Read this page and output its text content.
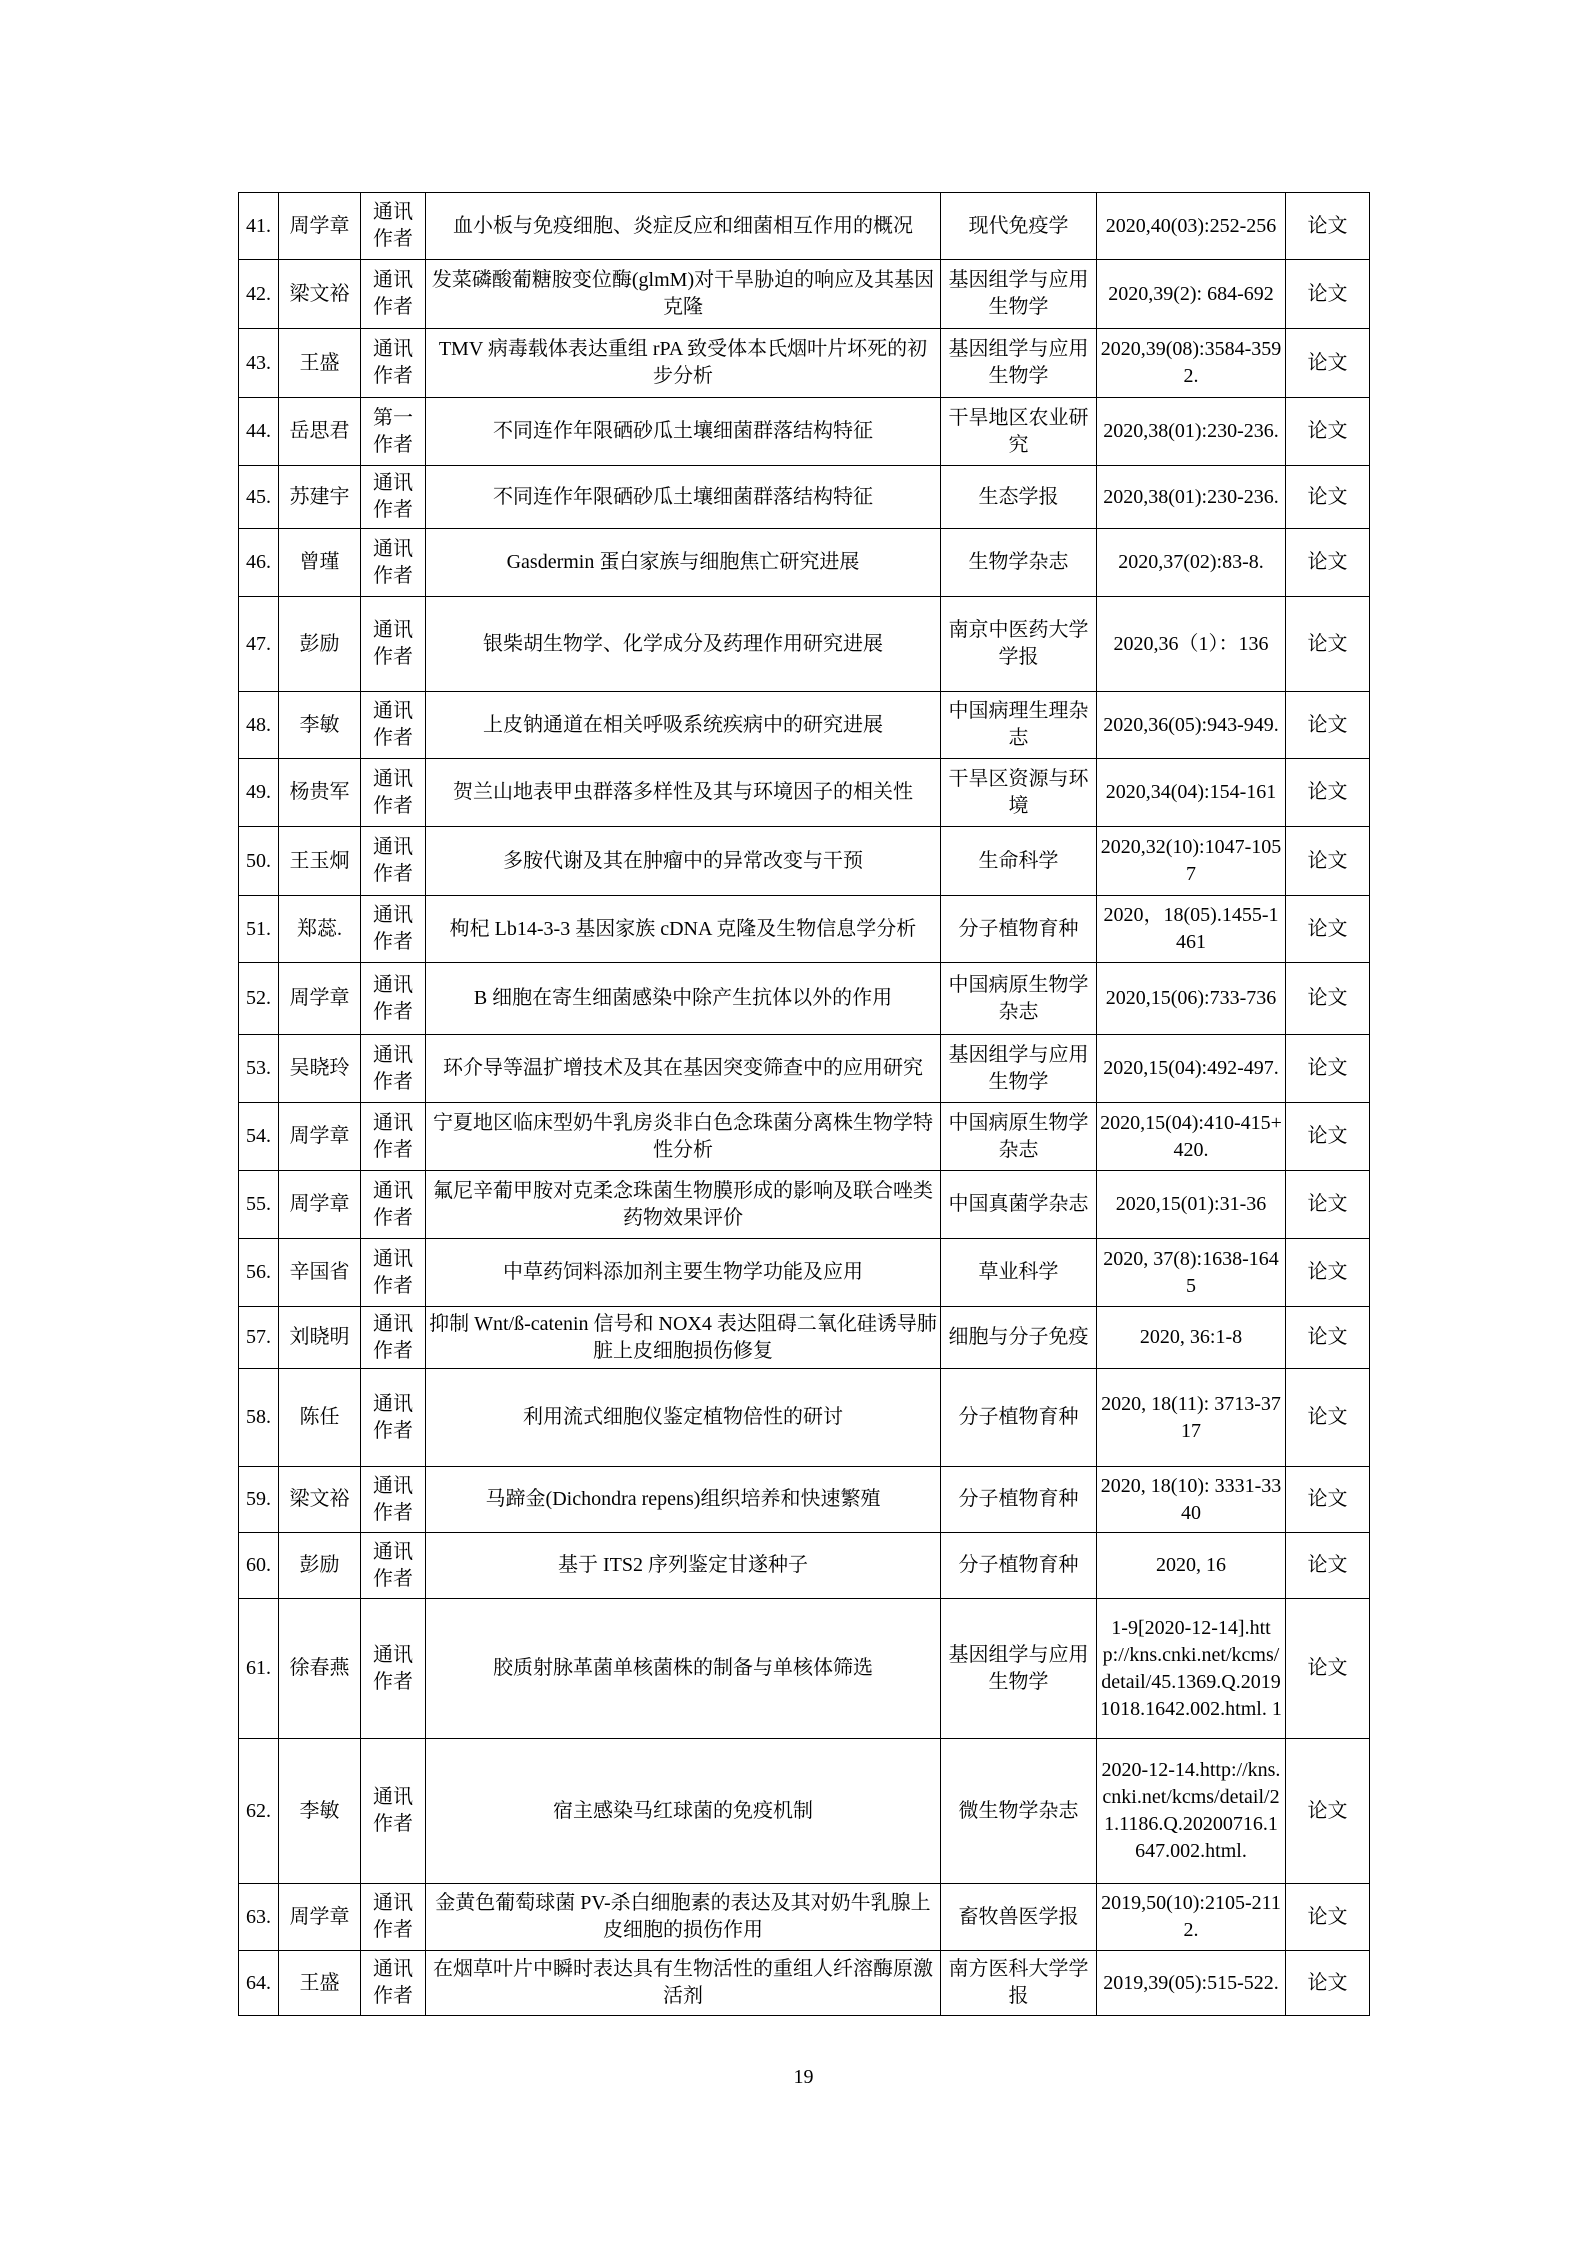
41.	周学章	通讯作者	血小板与免疫细胞、炎症反应和细菌相互作用的概况	现代免疫学	2020,40(03):252-256	论文
42.	梁文裕	通讯作者	发菜磷酸葡糖胺变位酶(glmM)对干旱胁迫的响应及其基因克隆	基因组学与应用生物学	2020,39(2): 684-692	论文
43.	王盛	通讯作者	TMV 病毒载体表达重组 rPA 致受体本氏烟叶片坏死的初步分析	基因组学与应用生物学	2020,39(08):3584-3592.	论文
44.	岳思君	第一作者	不同连作年限硒砂瓜土壤细菌群落结构特征	干旱地区农业研究	2020,38(01):230-236.	论文
45.	苏建宇	通讯作者	不同连作年限硒砂瓜土壤细菌群落结构特征	生态学报	2020,38(01):230-236.	论文
46.	曾瑾	通讯作者	Gasdermin 蛋白家族与细胞焦亡研究进展	生物学杂志	2020,37(02):83-8.	论文
47.	彭励	通讯作者	银柴胡生物学、化学成分及药理作用研究进展	南京中医药大学学报	2020,36（1）：136	论文
48.	李敏	通讯作者	上皮钠通道在相关呼吸系统疾病中的研究进展	中国病理生理杂志	2020,36(05):943-949.	论文
49.	杨贵军	通讯作者	贺兰山地表甲虫群落多样性及其与环境因子的相关性	干旱区资源与环境	2020,34(04):154-161	论文
50.	王玉炯	通讯作者	多胺代谢及其在肿瘤中的异常改变与干预	生命科学	2020,32(10):1047-1057	论文
51.	郑蕊.	通讯作者	枸杞 Lb14-3-3 基因家族 cDNA 克隆及生物信息学分析	分子植物育种	2020，18(05).1455-1461	论文
52.	周学章	通讯作者	B 细胞在寄生细菌感染中除产生抗体以外的作用	中国病原生物学杂志	2020,15(06):733-736	论文
53.	吴晓玲	通讯作者	环介导等温扩增技术及其在基因突变筛查中的应用研究	基因组学与应用生物学	2020,15(04):492-497.	论文
54.	周学章	通讯作者	宁夏地区临床型奶牛乳房炎非白色念珠菌分离株生物学特性分析	中国病原生物学杂志	2020,15(04):410-415+420.	论文
55.	周学章	通讯作者	氟尼辛葡甲胺对克柔念珠菌生物膜形成的影响及联合唑类药物效果评价	中国真菌学杂志	2020,15(01):31-36	论文
56.	辛国省	通讯作者	中草药饲料添加剂主要生物学功能及应用	草业科学	2020, 37(8):1638-1645	论文
57.	刘晓明	通讯作者	抑制 Wnt/ß-catenin 信号和 NOX4 表达阻碍二氧化硅诱导肺脏上皮细胞损伤修复	细胞与分子免疫	2020, 36:1-8	论文
58.	陈任	通讯作者	利用流式细胞仪鉴定植物倍性的研讨	分子植物育种	2020, 18(11): 3713-3717	论文
59.	梁文裕	通讯作者	马蹄金(Dichondra repens)组织培养和快速繁殖	分子植物育种	2020, 18(10): 3331-3340	论文
60.	彭励	通讯作者	基于 ITS2 序列鉴定甘遂种子	分子植物育种	2020, 16	论文
61.	徐春燕	通讯作者	胶质射脉革菌单核菌株的制备与单核体筛选	基因组学与应用生物学	1-9[2020-12-14].http://kns.cnki.net/kcms/detail/45.1369.Q.20191018.1642.002.html. 1	论文
62.	李敏	通讯作者	宿主感染马红球菌的免疫机制	微生物学杂志	2020-12-14.http://kns.cnki.net/kcms/detail/21.1186.Q.20200716.1647.002.html.	论文
63.	周学章	通讯作者	金黄色葡萄球菌 PV-杀白细胞素的表达及其对奶牛乳腺上皮细胞的损伤作用	畜牧兽医学报	2019,50(10):2105-2112.	论文
64.	王盛	通讯作者	在烟草叶片中瞬时表达具有生物活性的重组人纤溶酶原激活剂	南方医科大学学报	2019,39(05):515-522.	论文
19
